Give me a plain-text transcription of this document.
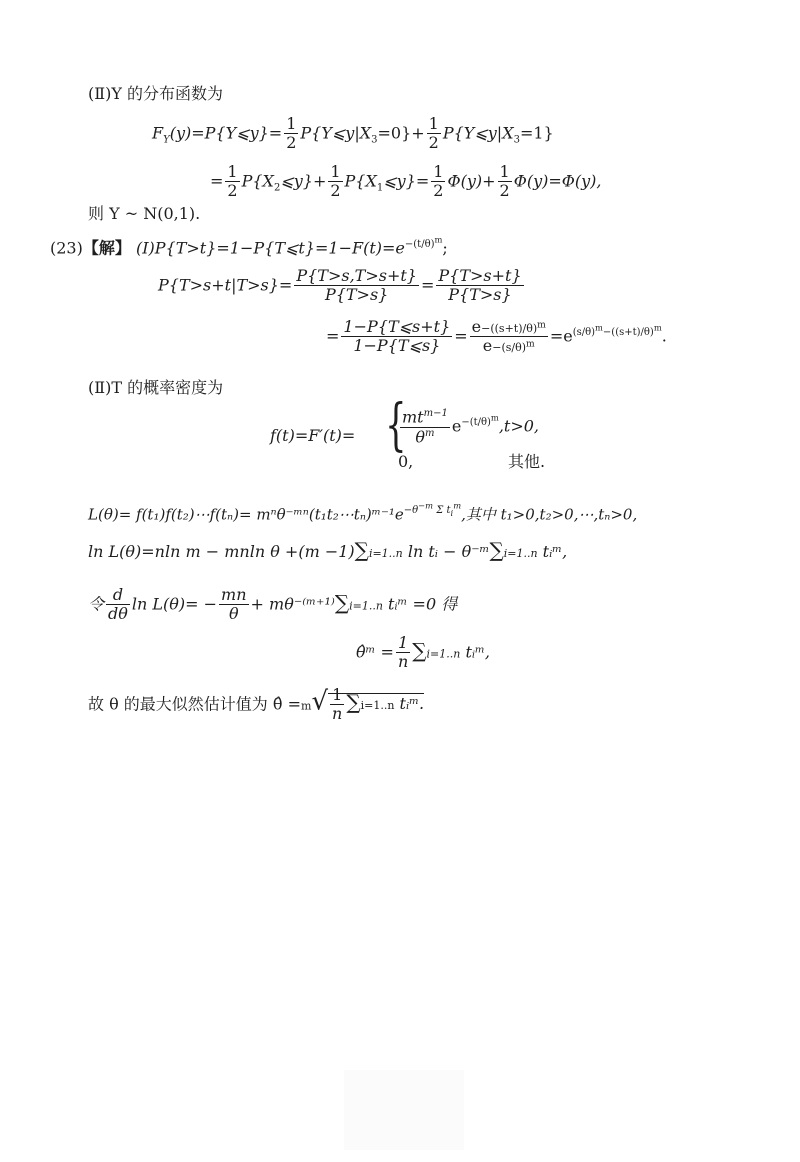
(Ⅱ)Y 的分布函数为
$F_Y(y)=P\{Y⩽y\}= \frac{1}{2}$ $P\{Y⩽y|X_3=0\}+ \frac{1}{2}$ $P\{Y⩽y|X_3=1\}$
= $\frac{1}{2}$ $P\{X_2⩽y\}+ \frac{1}{2}$ $P\{X_1⩽y\}= \frac{1}{2} \Phi(y)+ \frac{1}{2} \Phi(y)=\Phi(y)$,
则 Y ~ N(0,1).
(23)【解】 $(Ⅰ)P\{T>t\}=1-P\{T⩽t\}=1-F(t)=e^{-(t/\theta)^m}$;
$P\{T>s+t|T>s\}= \frac{P\{T>s,T>s+t\}}{P\{T>s\}} = \frac{P\{T>s+t\}}{P\{T>s\}}$
= $\frac{1-P\{T⩽s+t\}}{1-P\{T⩽s\}} = \frac{e-((s+t)/\theta)^m}{e-(s/\theta)^m} =e^{(s/\theta)^m-((s+t)/\theta)^m}$.
(Ⅱ)T 的概率密度为
f(t)=F′(t)= {
$\frac{mt^{m-1}}{\theta^m} e^{-(t/\theta)^m},t>0$,
0,	其他.
L(θ)= f(t₁)f(t₂)⋯f(tₙ)= $m^n\theta^-ᵐ^n(t_1t_2\cdots t_n)ᵐ^{-1}e^{-\theta^{-m} \Sigma t_i^m}$,其中 t₁>0,t₂>0,⋯,tₙ>0,
ln L(θ)=nln m − mnln θ +(m −1)∑i=1..n ln tᵢ − θ⁻ᵐ∑i=1..n tᵢᵐ,
令 $\frac{d}{d\theta}$ $\ln L(\theta)= - \frac{mn}{\theta}$ + mθ⁻⁽ᵐ⁺¹⁾∑i=1..n tᵢᵐ =0 得
θ̂ᵐ = $\frac{1}{n} \sum i=1..n$ tᵢᵐ,
故 θ 的最大似然估计值为 θ̂ $=m√ \frac{1}{n} \sum i=1..n$ tᵢᵐ.
